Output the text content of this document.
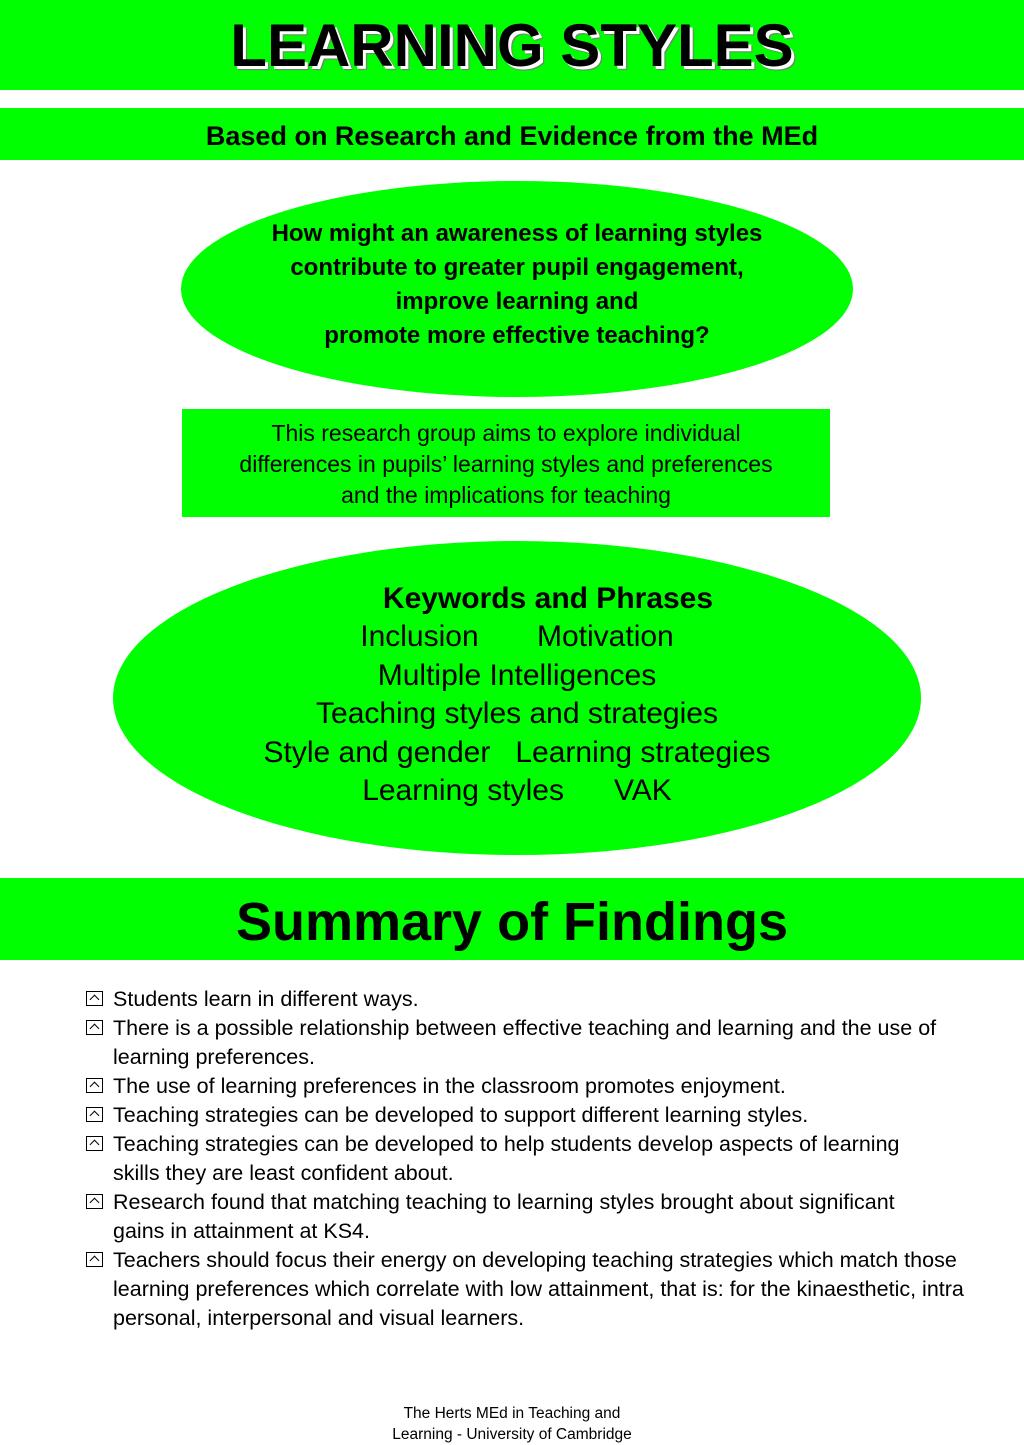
LEARNING STYLES
Based on Research and Evidence from the MEd
How might an awareness of learning styles
contribute to greater pupil engagement,
improve learning and
promote more effective teaching?
This research group aims to explore individual
differences in pupils’ learning styles and preferences
and the implications for teaching
Keywords and Phrases
Inclusion       Motivation
Multiple Intelligences
Teaching styles and strategies
Style and gender   Learning strategies
Learning styles      VAK
Summary of Findings
Students learn in different ways.
There is a possible relationship between effective teaching and learning and the use of learning preferences.
The use of learning preferences in the classroom promotes enjoyment.
Teaching strategies can be developed to support different learning styles.
Teaching strategies can be developed to help students develop aspects of learning skills they are least confident about.
Research found that matching teaching to learning styles brought about significant gains in attainment at KS4.
Teachers should focus their energy on developing teaching strategies which match those learning preferences which correlate with low attainment, that is: for the kinaesthetic, intra personal, interpersonal and visual learners.
The Herts MEd in Teaching and
Learning - University of Cambridge
